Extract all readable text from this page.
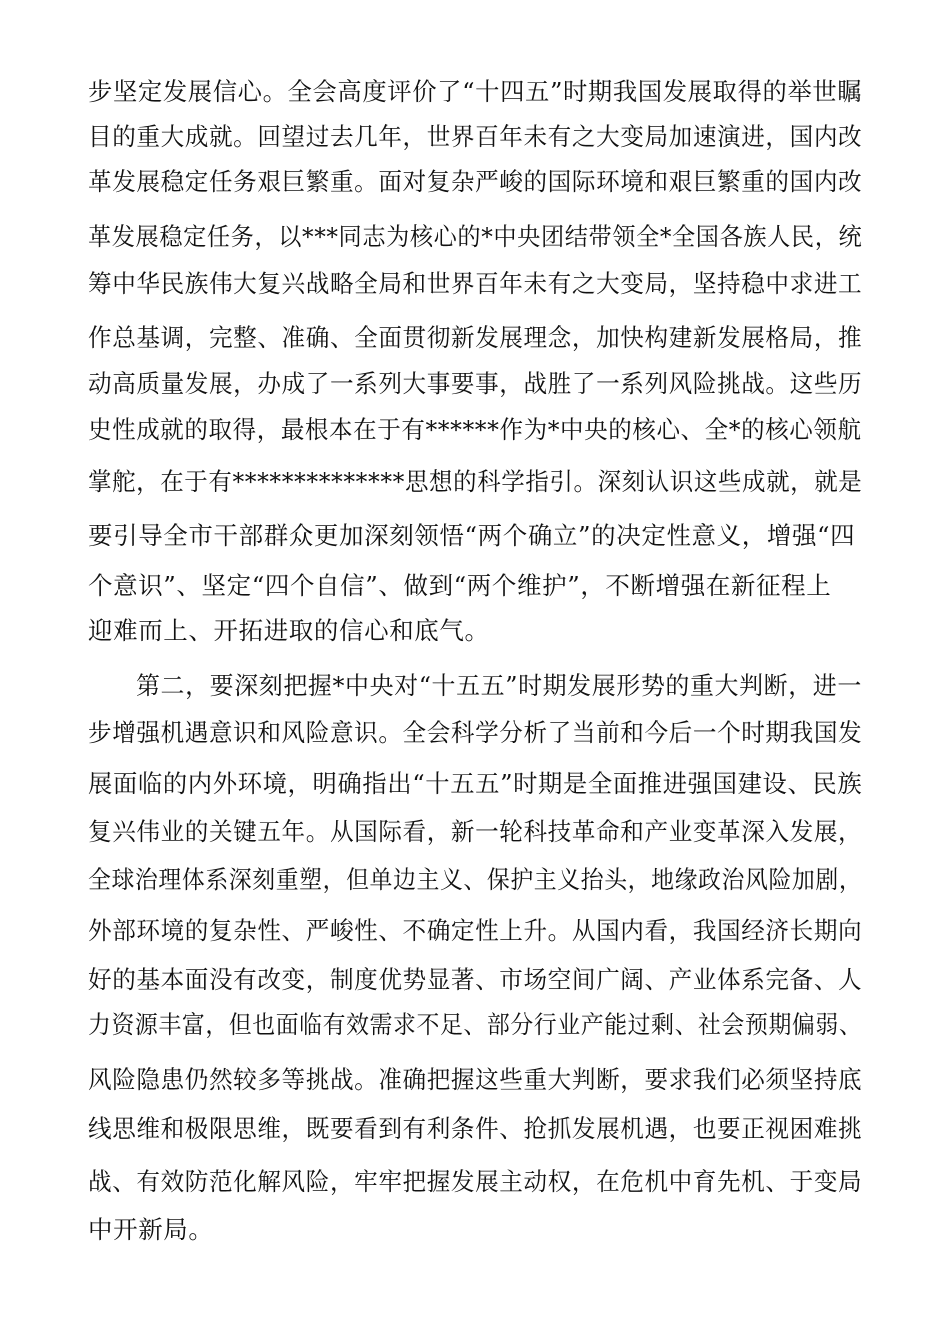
步坚定发展信心。全会高度评价了“十四五”时期我国发展取得的举世瞩
目的重大成就。回望过去几年，世界百年未有之大变局加速演进，国内改
革发展稳定任务艰巨繁重。面对复杂严峻的国际环境和艰巨繁重的国内改
革发展稳定任务，以***同志为核心的*中央团结带领全*全国各族人民，统
筹中华民族伟大复兴战略全局和世界百年未有之大变局，坚持稳中求进工
作总基调，完整、准确、全面贯彻新发展理念，加快构建新发展格局，推
动高质量发展，办成了一系列大事要事，战胜了一系列风险挑战。这些历
史性成就的取得，最根本在于有******作为*中央的核心、全*的核心领航
掌舵，在于有**************思想的科学指引。深刻认识这些成就，就是
要引导全市干部群众更加深刻领悟“两个确立”的决定性意义，增强“四
个意识”、坚定“四个自信”、做到“两个维护”，不断增强在新征程上
迎难而上、开拓进取的信心和底气。
第二，要深刻把握*中央对“十五五”时期发展形势的重大判断，进一
步增强机遇意识和风险意识。全会科学分析了当前和今后一个时期我国发
展面临的内外环境，明确指出“十五五”时期是全面推进强国建设、民族
复兴伟业的关键五年。从国际看，新一轮科技革命和产业变革深入发展，
全球治理体系深刻重塑，但单边主义、保护主义抬头，地缘政治风险加剧，
外部环境的复杂性、严峻性、不确定性上升。从国内看，我国经济长期向
好的基本面没有改变，制度优势显著、市场空间广阔、产业体系完备、人
力资源丰富，但也面临有效需求不足、部分行业产能过剩、社会预期偏弱、
风险隐患仍然较多等挑战。准确把握这些重大判断，要求我们必须坚持底
线思维和极限思维，既要看到有利条件、抢抓发展机遇，也要正视困难挑
战、有效防范化解风险，牢牢把握发展主动权，在危机中育先机、于变局
中开新局。
